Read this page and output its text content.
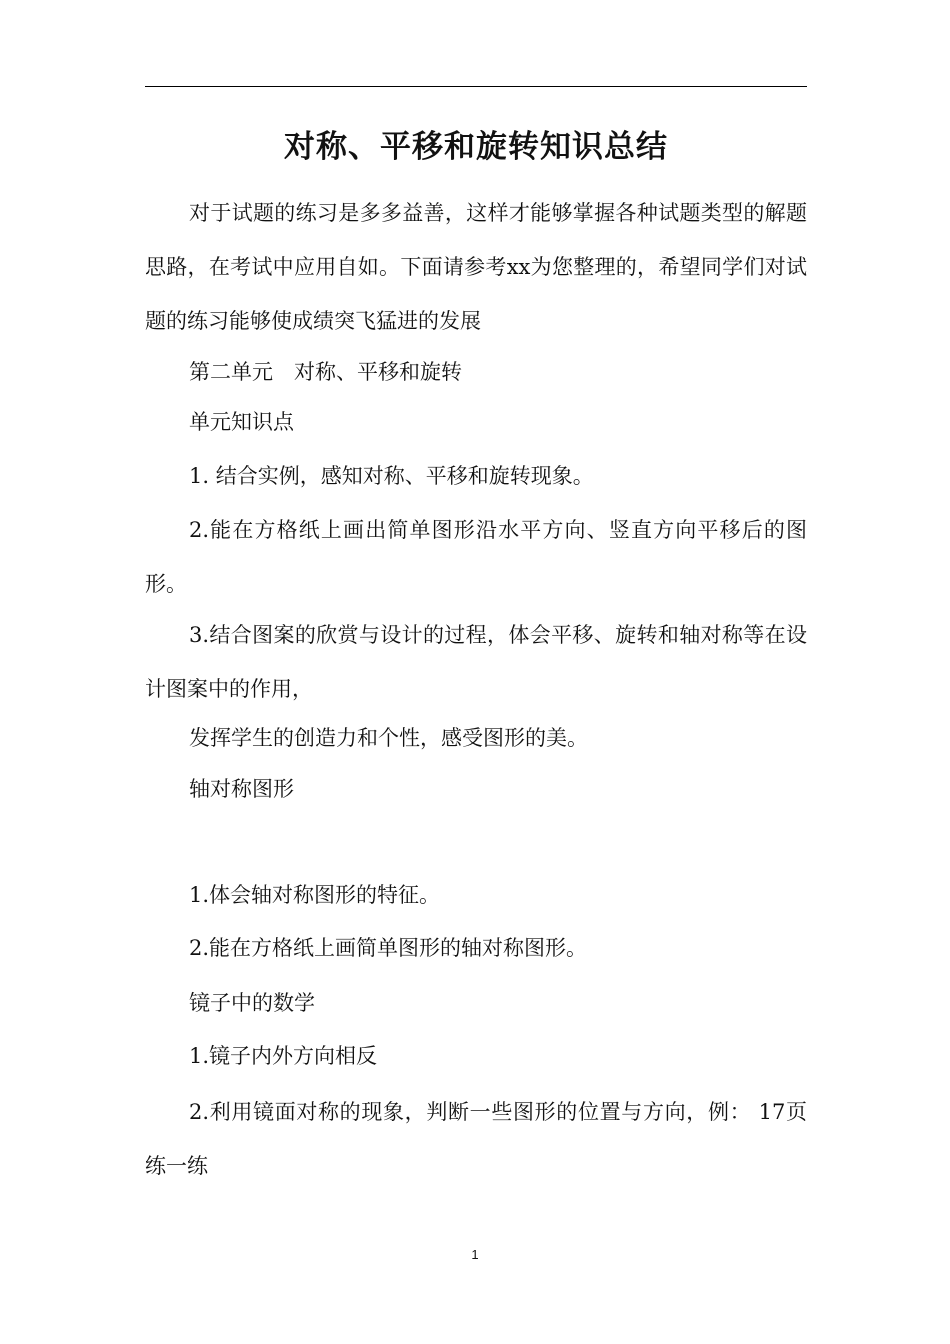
对称、平移和旋转知识总结

对于试题的练习是多多益善，这样才能够掌握各种试题类型的解题思路，在考试中应用自如。下面请参考xx为您整理的，希望同学们对试题的练习能够使成绩突飞猛进的发展

第二单元　对称、平移和旋转

单元知识点

1. 结合实例，感知对称、平移和旋转现象。

2.能在方格纸上画出简单图形沿水平方向、竖直方向平移后的图形。

3.结合图案的欣赏与设计的过程，体会平移、旋转和轴对称等在设计图案中的作用，

发挥学生的创造力和个性，感受图形的美。

轴对称图形

1.体会轴对称图形的特征。

2.能在方格纸上画简单图形的轴对称图形。

镜子中的数学

1.镜子内外方向相反

2.利用镜面对称的现象，判断一些图形的位置与方向，例： 17页练一练

1
